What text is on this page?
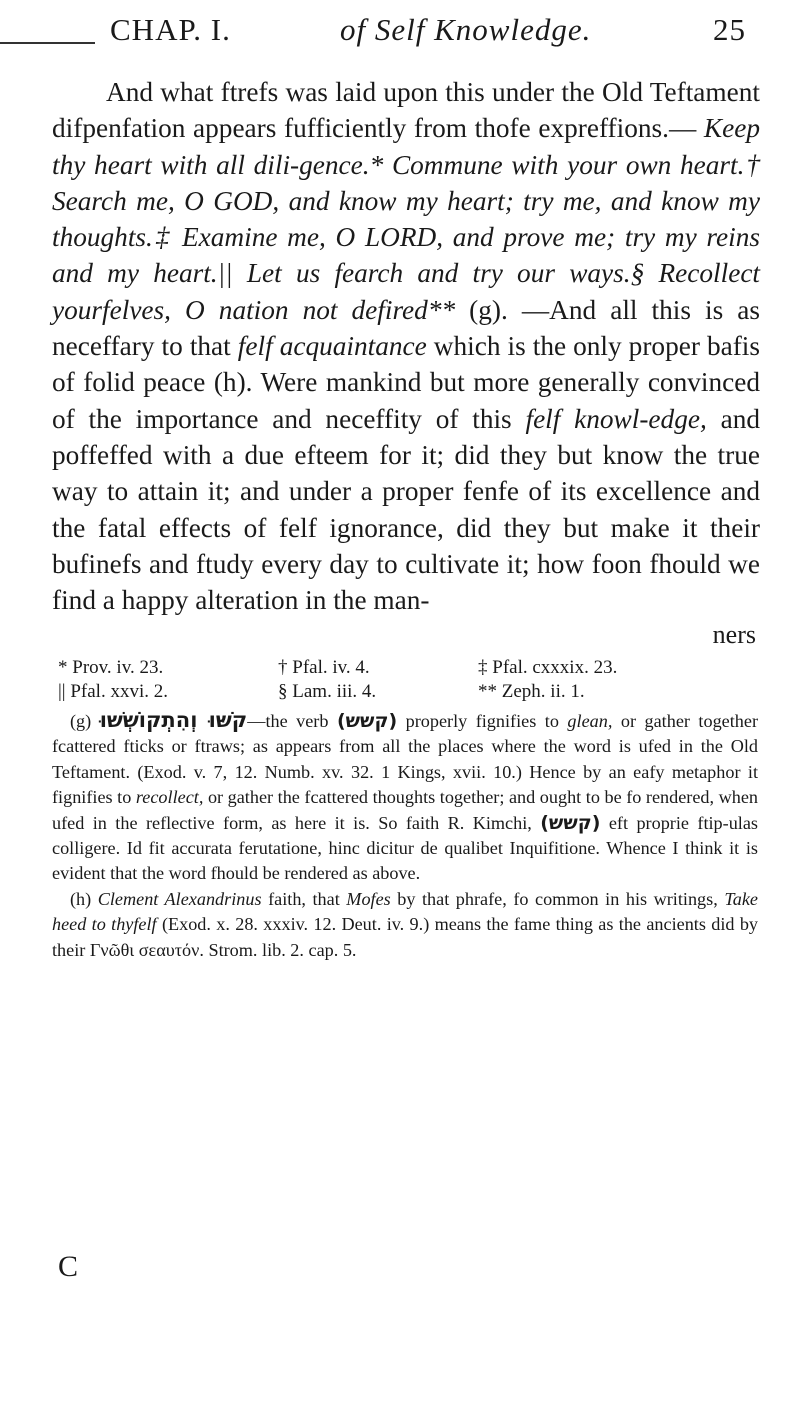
CHAP. I.	of Self Knowledge.	25

And what ftrefs was laid upon this under the Old Teftament difpenfation appears fufficiently from thofe expreffions.— Keep thy heart with all dili-gence.* Commune with your own heart.† Search me, O GOD, and know my heart; try me, and know my thoughts.‡ Examine me, O LORD, and prove me; try my reins and my heart.|| Let us fearch and try our ways.§ Recollect yourfelves, O nation not defired** (g). —And all this is as neceffary to that felf acquaintance which is the only proper bafis of folid peace (h). Were mankind but more generally convinced of the importance and neceffity of this felf knowl-edge, and poffeffed with a due efteem for it; did they but know the true way to attain it; and under a proper fenfe of its excellence and the fatal effects of felf ignorance, did they but make it their bufinefs and ftudy every day to cultivate it; how foon fhould we find a happy alteration in the man-

ners
* Prov. iv. 23.	† Pfal. iv. 4.	‡ Pfal. cxxxix. 23.
|| Pfal. xxvi. 2.	§ Lam. iii. 4.	** Zeph. ii. 1.

(g) קֹשּׁוּ וְהִתְקוֹשְׁשׁוּ—the verb (קשש) properly fignifies to glean, or gather together fcattered fticks or ftraws; as appears from all the places where the word is ufed in the Old Teftament. (Exod. v. 7, 12. Numb. xv. 32. 1 Kings, xvii. 10.) Hence by an eafy metaphor it fignifies to recollect, or gather the fcattered thoughts together; and ought to be fo rendered, when ufed in the reflective form, as here it is. So faith R. Kimchi, (קשש) eft proprie ftip-ulas colligere. Id fit accurata ferutatione, hinc dicitur de qualibet Inquifitione. Whence I think it is evident that the word fhould be rendered as above.

(h) Clement Alexandrinus faith, that Mofes by that phrafe, fo common in his writings, Take heed to thyfelf (Exod. x. 28. xxxiv. 12. Deut. iv. 9.) means the fame thing as the ancients did by their Γνῶθι σεαυτόν. Strom. lib. 2. cap. 5.

C
